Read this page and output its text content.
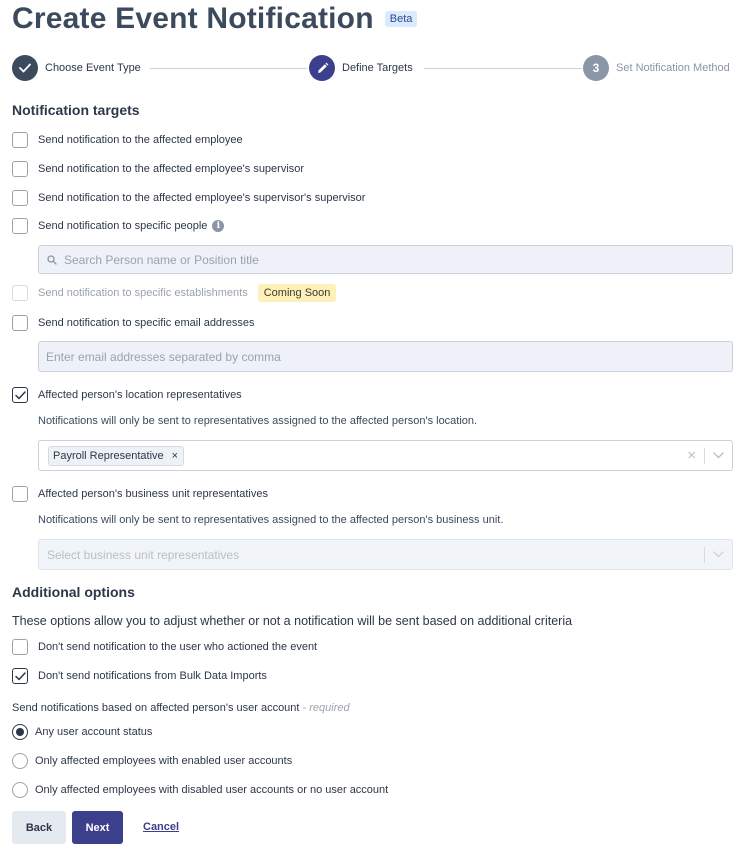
Create Event Notification	Beta
Choose Event Type	Define Targets	3	Set Notification Method
Notification targets
Send notification to the affected employee
Send notification to the affected employee's supervisor
Send notification to the affected employee's supervisor's supervisor
Send notification to specific people	i
Search Person name or Position title
Send notification to specific establishments	Coming Soon
Send notification to specific email addresses
Enter email addresses separated by comma
Affected person's location representatives

Notifications will only be sent to representatives assigned to the affected person's location.

Payroll Representative ×	×
Affected person's business unit representatives

Notifications will only be sent to representatives assigned to the affected person's business unit.

Select business unit representatives
Additional options

These options allow you to adjust whether or not a notification will be sent based on additional criteria

Don't send notification to the user who actioned the event
Don't send notifications from Bulk Data Imports

Send notifications based on affected person's user account - required

Any user account status
Only affected employees with enabled user accounts
Only affected employees with disabled user accounts or no user account
Back	Next	Cancel
